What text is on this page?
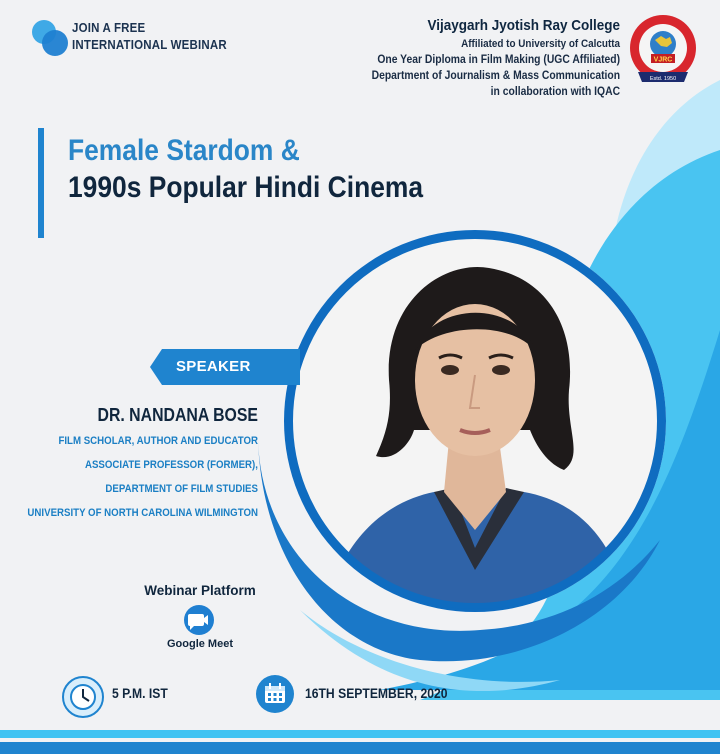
JOIN A FREE
INTERNATIONAL WEBINAR
Vijaygarh Jyotish Ray College
Affiliated to University of Calcutta
One Year Diploma in Film Making (UGC Affiliated)
Department of Journalism & Mass Communication
in collaboration with IQAC
VJRC
Estd. 1950
Female Stardom &
1990s Popular Hindi Cinema
SPEAKER
DR. NANDANA BOSE
FILM SCHOLAR, AUTHOR AND EDUCATOR
ASSOCIATE PROFESSOR (FORMER),
DEPARTMENT OF FILM STUDIES
UNIVERSITY OF NORTH CAROLINA WILMINGTON
Webinar Platform
Google Meet
5 P.M. IST	16TH SEPTEMBER, 2020
